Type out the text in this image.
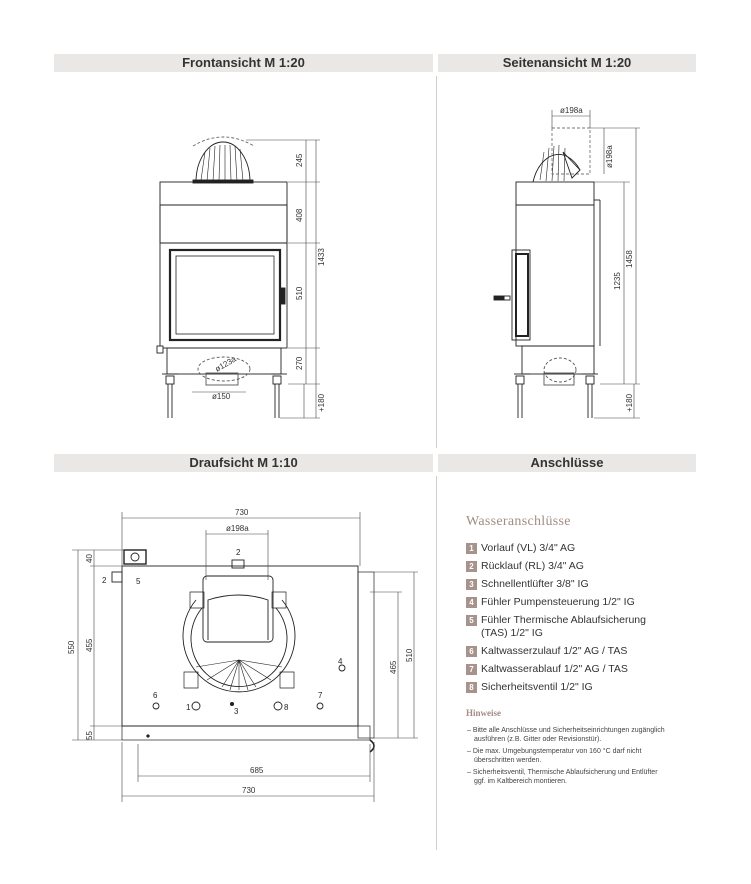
Frontansicht M 1:20	Seitenansicht M 1:20
Draufsicht M 1:10	Anschlüsse
245
408
1433
510
270
+180
ø123a
ø150
ø198a
ø198a
1458
1235
+180
730
ø198a
40
550 455
55
465
510
685
730
1
2
3
4
5
6	7
8
2
Wasseranschlüsse
1 Vorlauf (VL) 3/4" AG
2 Rücklauf (RL) 3/4" AG
3 Schnellentlüfter 3/8" IG
4 Fühler Pumpensteuerung 1/2" IG
5 Fühler Thermische Ablaufsicherung (TAS) 1/2" IG
6 Kaltwasserzulauf 1/2" AG / TAS
7 Kaltwasserablauf 1/2" AG / TAS
8 Sicherheitsventil 1/2" IG
Hinweise
– Bitte alle Anschlüsse und Sicherheitseinrichtungen zugänglich ausführen (z.B. Gitter oder Revisionstür).
– Die max. Umgebungstemperatur von 160 °C darf nicht überschritten werden.
– Sicherheitsventil, Thermische Ablaufsicherung und Entlüfter ggf. im Kaltbereich montieren.
